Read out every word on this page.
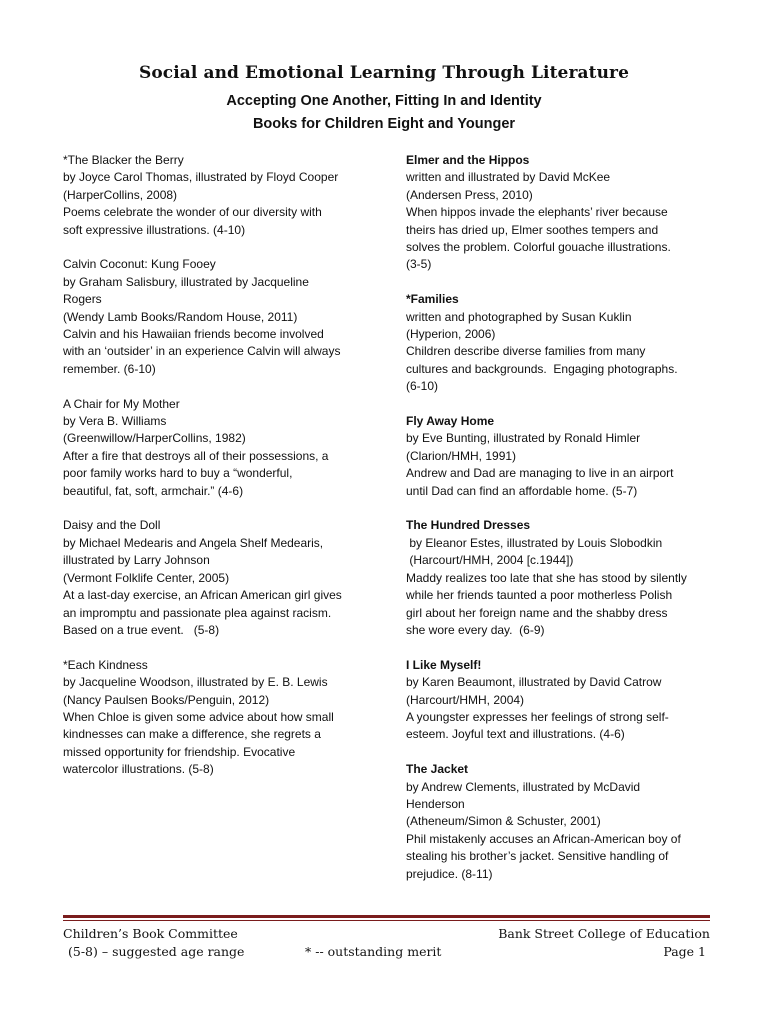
Social and Emotional Learning Through Literature
Accepting One Another, Fitting In and Identity
Books for Children Eight and Younger
*The Blacker the Berry
by Joyce Carol Thomas, illustrated by Floyd Cooper
(HarperCollins, 2008)
Poems celebrate the wonder of our diversity with
soft expressive illustrations. (4-10)
Calvin Coconut: Kung Fooey
by Graham Salisbury, illustrated by Jacqueline
Rogers
(Wendy Lamb Books/Random House, 2011)
Calvin and his Hawaiian friends become involved
with an ‘outsider’ in an experience Calvin will always
remember. (6-10)
A Chair for My Mother
by Vera B. Williams
(Greenwillow/HarperCollins, 1982)
After a fire that destroys all of their possessions, a
poor family works hard to buy a “wonderful,
beautiful, fat, soft, armchair.” (4-6)
Daisy and the Doll
by Michael Medearis and Angela Shelf Medearis,
illustrated by Larry Johnson
(Vermont Folklife Center, 2005)
At a last-day exercise, an African American girl gives
an impromptu and passionate plea against racism.
Based on a true event.   (5-8)
*Each Kindness
by Jacqueline Woodson, illustrated by E. B. Lewis
(Nancy Paulsen Books/Penguin, 2012)
When Chloe is given some advice about how small
kindnesses can make a difference, she regrets a
missed opportunity for friendship. Evocative
watercolor illustrations. (5-8)
Elmer and the Hippos
written and illustrated by David McKee
(Andersen Press, 2010)
When hippos invade the elephants’ river because
theirs has dried up, Elmer soothes tempers and
solves the problem. Colorful gouache illustrations.
(3-5)
*Families
written and photographed by Susan Kuklin
(Hyperion, 2006)
Children describe diverse families from many
cultures and backgrounds.  Engaging photographs.
(6-10)
Fly Away Home
by Eve Bunting, illustrated by Ronald Himler
(Clarion/HMH, 1991)
Andrew and Dad are managing to live in an airport
until Dad can find an affordable home. (5-7)
The Hundred Dresses
by Eleanor Estes, illustrated by Louis Slobodkin
(Harcourt/HMH, 2004 [c.1944])
Maddy realizes too late that she has stood by silently
while her friends taunted a poor motherless Polish
girl about her foreign name and the shabby dress
she wore every day.  (6-9)
I Like Myself!
by Karen Beaumont, illustrated by David Catrow
(Harcourt/HMH, 2004)
A youngster expresses her feelings of strong self-
esteem. Joyful text and illustrations. (4-6)
The Jacket
by Andrew Clements, illustrated by McDavid
Henderson
(Atheneum/Simon & Schuster, 2001)
Phil mistakenly accuses an African-American boy of
stealing his brother’s jacket. Sensitive handling of
prejudice. (8-11)
Children’s Book Committee	Bank Street College of Education
(5-8) – suggested age range	* -- outstanding merit	Page 1
